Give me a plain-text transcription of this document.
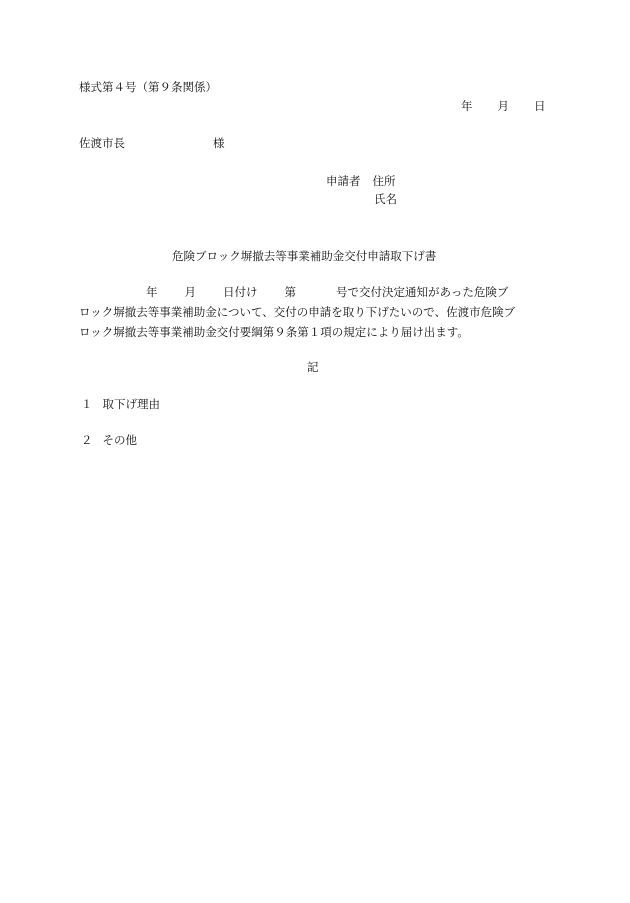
様式第４号（第９条関係）
年 月 日
佐渡市長	様
申請者 住所
氏名
危険ブロック塀撤去等事業補助金交付申請取下げ書
年 月 日付け 第	号で交付決定通知があった危険ブ
ロック塀撤去等事業補助金について、交付の申請を取り下げたいので、佐渡市危険ブ
ロック塀撤去等事業補助金交付要綱第９条第１項の規定により届け出ます。
記
１ 取下げ理由
２ その他
